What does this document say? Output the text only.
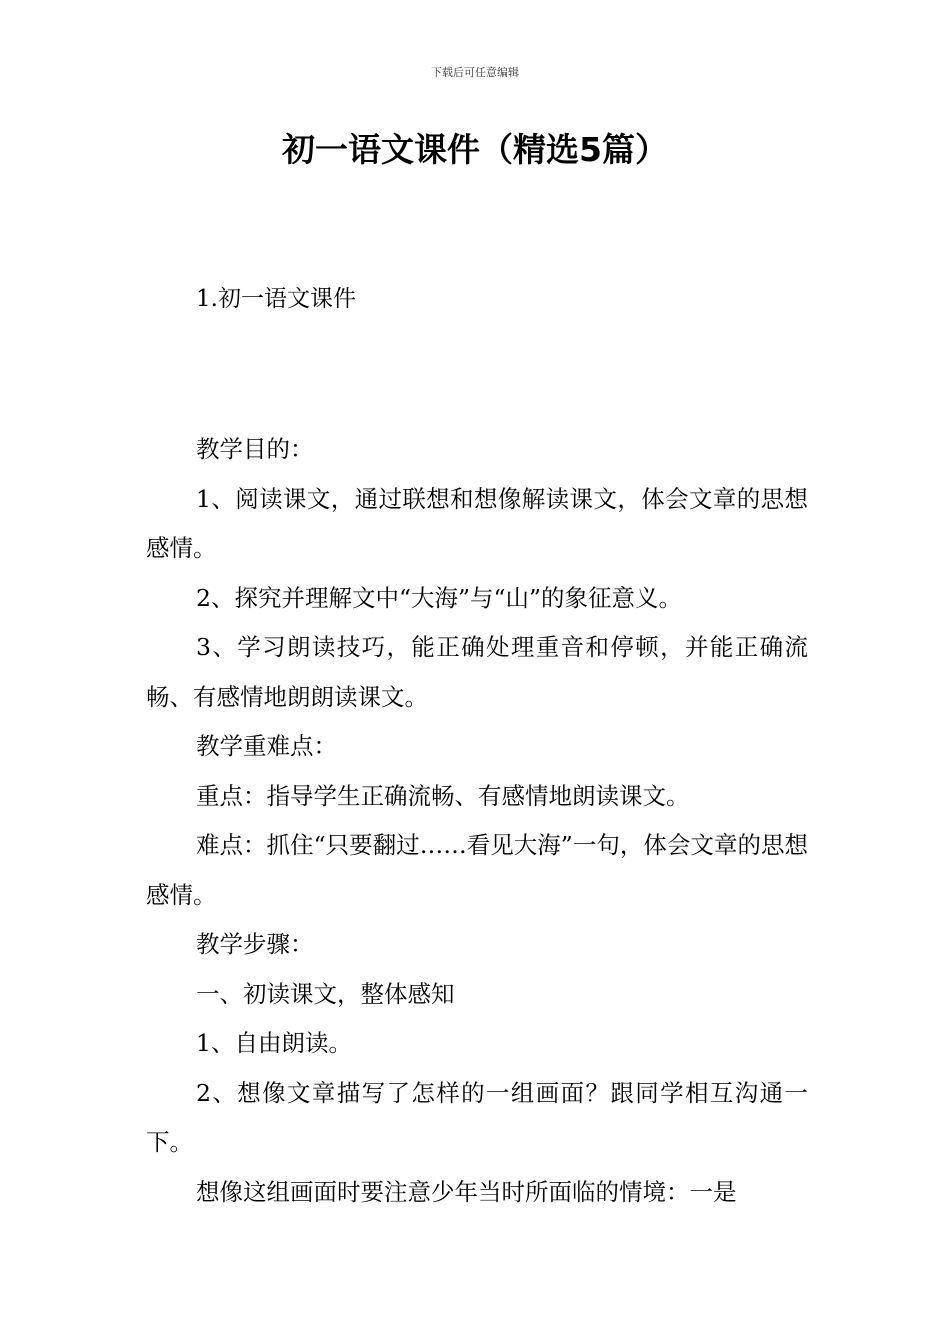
下载后可任意编辑
初一语文课件（精选5篇）
1.初一语文课件

教学目的：

1、阅读课文，通过联想和想像解读课文，体会文章的思想感情。

2、探究并理解文中“大海”与“山”的象征意义。

3、学习朗读技巧，能正确处理重音和停顿，并能正确流畅、有感情地朗朗读课文。

教学重难点：

重点：指导学生正确流畅、有感情地朗读课文。

难点：抓住“只要翻过……看见大海”一句，体会文章的思想感情。

教学步骤：

一、初读课文，整体感知

1、自由朗读。

2、想像文章描写了怎样的一组画面？跟同学相互沟通一下。

想像这组画面时要注意少年当时所面临的情境：一是
